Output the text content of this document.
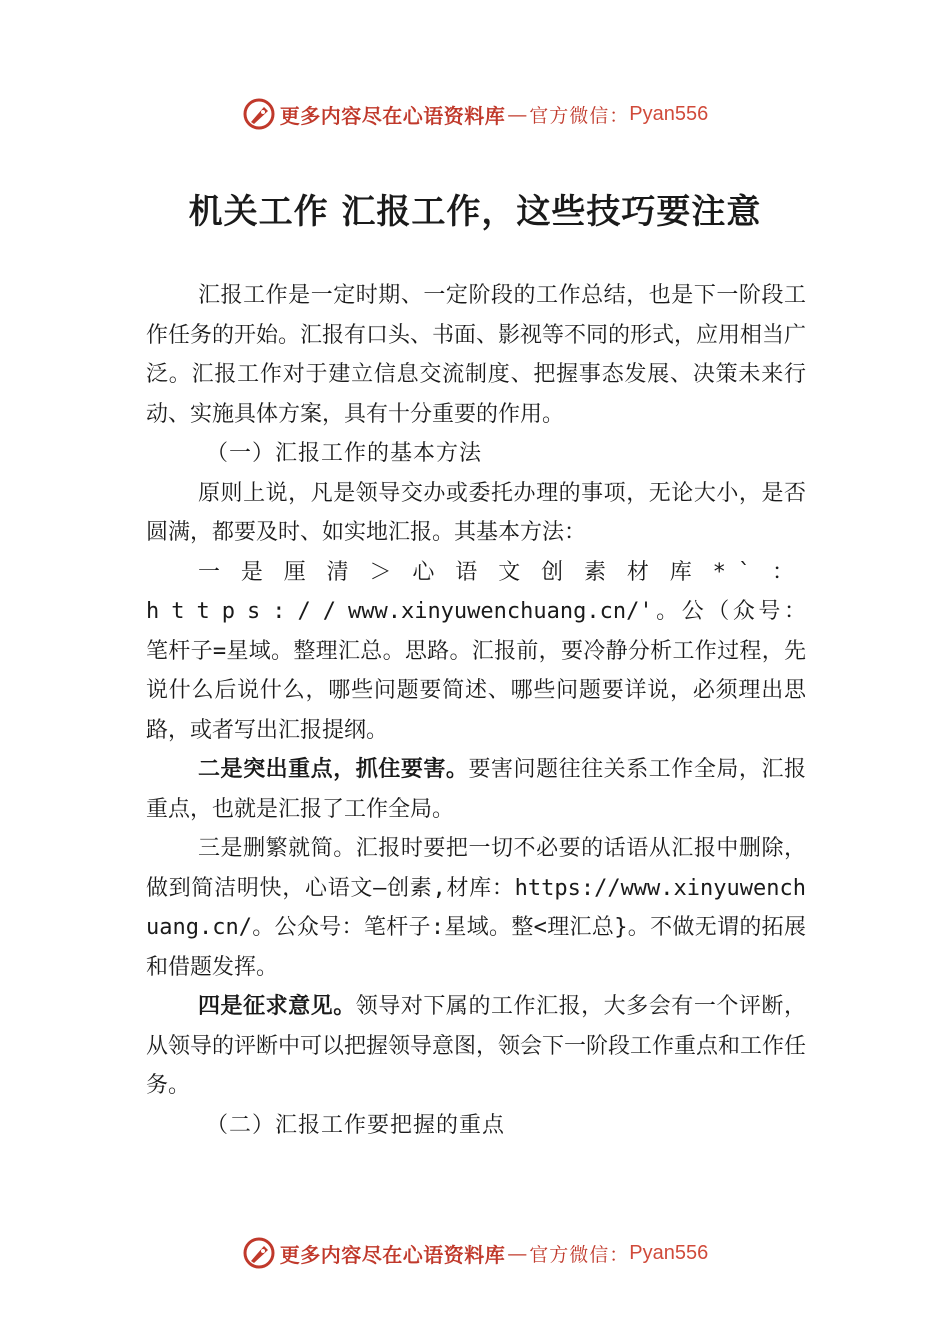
更多内容尽在心语资料库 — 官方微信： Pyan556
机关工作 汇报工作，这些技巧要注意

汇报工作是一定时期、一定阶段的工作总结，也是下一阶段工作任务的开始。汇报有口头、书面、影视等不同的形式，应用相当广泛。汇报工作对于建立信息交流制度、把握事态发展、决策未来行动、实施具体方案，具有十分重要的作用。

（一）汇报工作的基本方法

原则上说，凡是领导交办或委托办理的事项，无论大小，是否圆满，都要及时、如实地汇报。其基本方法：

一是厘清＞心语文创素材库*`：https://www.xinyuwenchuang.cn/'。公（众号：笔杆子=星域。整理汇总。思路。汇报前，要冷静分析工作过程，先说什么后说什么，哪些问题要简述、哪些问题要详说，必须理出思路，或者写出汇报提纲。

二是突出重点，抓住要害。要害问题往往关系工作全局，汇报重点，也就是汇报了工作全局。

三是删繁就简。汇报时要把一切不必要的话语从汇报中删除，做到简洁明快，心语文—创素,材库：https://www.xinyuwenchuang.cn/。公众号：笔杆子:星域。整<理汇总}。不做无谓的拓展和借题发挥。

四是征求意见。领导对下属的工作汇报，大多会有一个评断，从领导的评断中可以把握领导意图，领会下一阶段工作重点和工作任务。

（二）汇报工作要把握的重点

更多内容尽在心语资料库 — 官方微信： Pyan556
